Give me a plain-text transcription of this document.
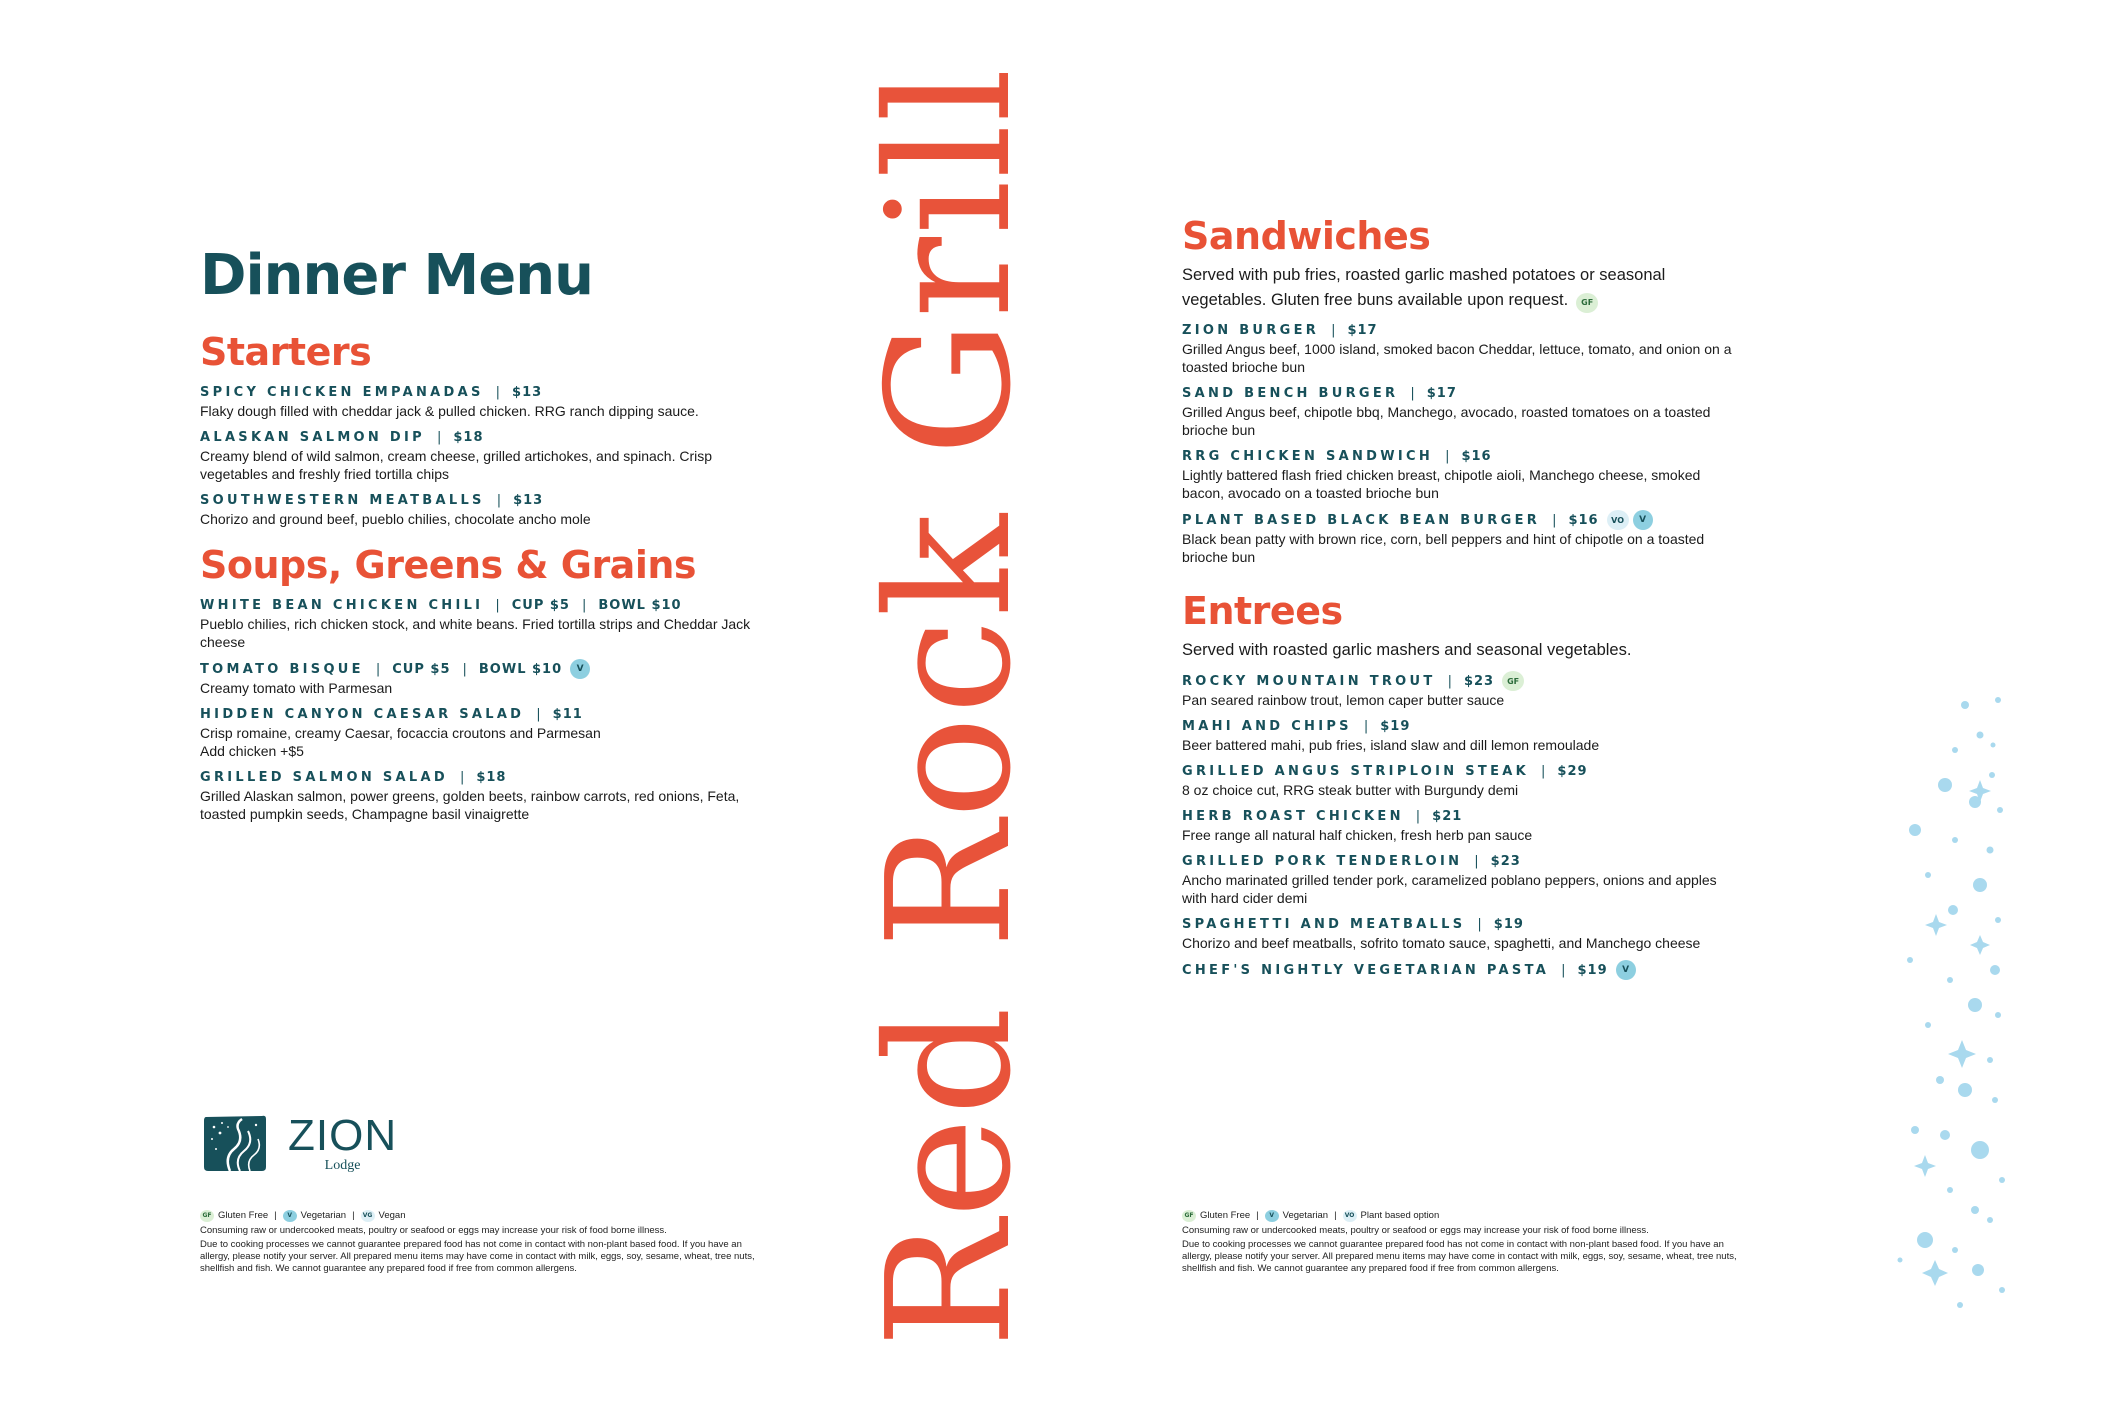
Dinner Menu
Starters
SPICY CHICKEN EMPANADAS | $13

Flaky dough filled with cheddar jack & pulled chicken. RRG ranch dipping sauce.

ALASKAN SALMON DIP | $18

Creamy blend of wild salmon, cream cheese, grilled artichokes, and spinach. Crisp vegetables and freshly fried tortilla chips

SOUTHWESTERN MEATBALLS | $13

Chorizo and ground beef, pueblo chilies, chocolate ancho mole

Soups, Greens & Grains
WHITE BEAN CHICKEN CHILI | CUP $5 | BOWL $10

Pueblo chilies, rich chicken stock, and white beans. Fried tortilla strips and Cheddar Jack cheese

TOMATO BISQUE | CUP $5 | BOWL $10	V

Creamy tomato with Parmesan

HIDDEN CANYON CAESAR SALAD | $11

Crisp romaine, creamy Caesar, focaccia croutons and Parmesan

Add chicken +$5

GRILLED SALMON SALAD | $18

Grilled Alaskan salmon, power greens, golden beets, rainbow carrots, red onions, Feta, toasted pumpkin seeds, Champagne basil vinaigrette	Red Rock Grill	Sandwiches

Served with pub fries, roasted garlic mashed potatoes or seasonal vegetables. Gluten free buns available upon request. GF

ZION BURGER | $17

Grilled Angus beef, 1000 island, smoked bacon Cheddar, lettuce, tomato, and onion on a toasted brioche bun

SAND BENCH BURGER | $17

Grilled Angus beef, chipotle bbq, Manchego, avocado, roasted tomatoes on a toasted brioche bun

RRG CHICKEN SANDWICH | $16

Lightly battered flash fried chicken breast, chipotle aioli, Manchego cheese, smoked bacon, avocado on a toasted brioche bun

PLANT BASED BLACK BEAN BURGER | $16	VO	V

Black bean patty with brown rice, corn, bell peppers and hint of chipotle on a toasted brioche bun

Entrees

Served with roasted garlic mashers and seasonal vegetables.

ROCKY MOUNTAIN TROUT | $23	GF

Pan seared rainbow trout, lemon caper butter sauce

MAHI AND CHIPS | $19

Beer battered mahi, pub fries, island slaw and dill lemon remoulade

GRILLED ANGUS STRIPLOIN STEAK | $29

8 oz choice cut, RRG steak butter with Burgundy demi

HERB ROAST CHICKEN | $21

Free range all natural half chicken, fresh herb pan sauce

GRILLED PORK TENDERLOIN | $23

Ancho marinated grilled tender pork, caramelized poblano peppers, onions and apples with hard cider demi

SPAGHETTI AND MEATBALLS | $19

Chorizo and beef meatballs, sofrito tomato sauce, spaghetti, and Manchego cheese

CHEF'S NIGHTLY VEGETARIAN PASTA | $19	V
ZION
Lodge
GF Gluten Free |	V Vegetarian |	VG Vegan

Consuming raw or undercooked meats, poultry or seafood or eggs may increase your risk of food borne illness.

Due to cooking processes we cannot guarantee prepared food has not come in contact with non-plant based food. If you have an allergy, please notify your server. All prepared menu items may have come in contact with milk, eggs, soy, sesame, wheat, tree nuts, shellfish and fish. We cannot guarantee any prepared food if free from common allergens.

GF Gluten Free |	V Vegetarian |	VO Plant based option

Consuming raw or undercooked meats, poultry or seafood or eggs may increase your risk of food borne illness.

Due to cooking processes we cannot guarantee prepared food has not come in contact with non-plant based food. If you have an allergy, please notify your server. All prepared menu items may have come in contact with milk, eggs, soy, sesame, wheat, tree nuts, shellfish and fish. We cannot guarantee any prepared food if free from common allergens.
